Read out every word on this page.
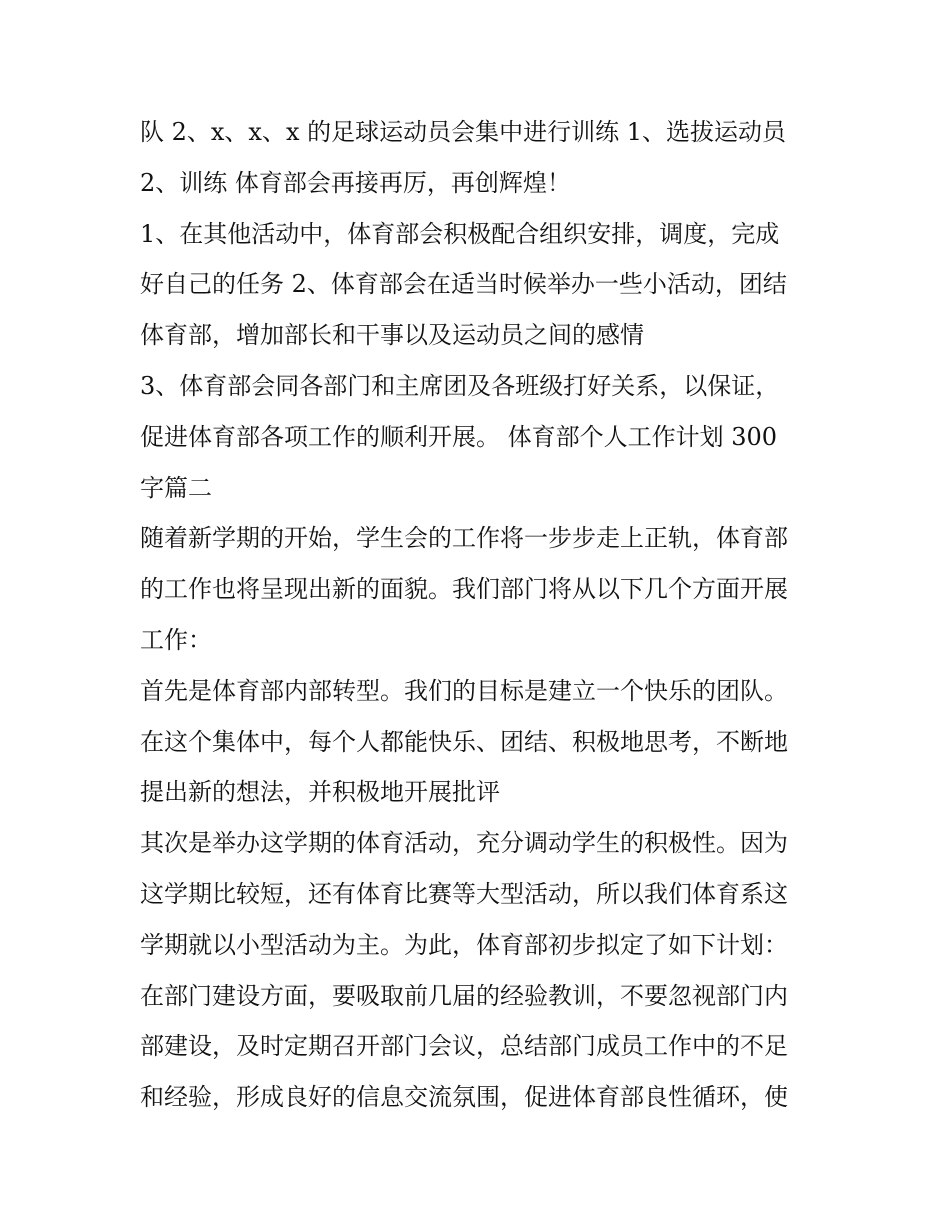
队 2、x、x、x 的足球运动员会集中进行训练 1、选拔运动员
2、训练 体育部会再接再厉，再创辉煌！
1、在其他活动中，体育部会积极配合组织安排，调度，完成
好自己的任务 2、体育部会在适当时候举办一些小活动，团结
体育部，增加部长和干事以及运动员之间的感情
3、体育部会同各部门和主席团及各班级打好关系，以保证，
促进体育部各项工作的顺利开展。 体育部个人工作计划 300
字篇二
随着新学期的开始，学生会的工作将一步步走上正轨，体育部
的工作也将呈现出新的面貌。我们部门将从以下几个方面开展
工作：
首先是体育部内部转型。我们的目标是建立一个快乐的团队。
在这个集体中，每个人都能快乐、团结、积极地思考，不断地
提出新的想法，并积极地开展批评
其次是举办这学期的体育活动，充分调动学生的积极性。因为
这学期比较短，还有体育比赛等大型活动，所以我们体育系这
学期就以小型活动为主。为此，体育部初步拟定了如下计划：
在部门建设方面，要吸取前几届的经验教训，不要忽视部门内
部建设，及时定期召开部门会议，总结部门成员工作中的不足
和经验，形成良好的信息交流氛围，促进体育部良性循环，使
